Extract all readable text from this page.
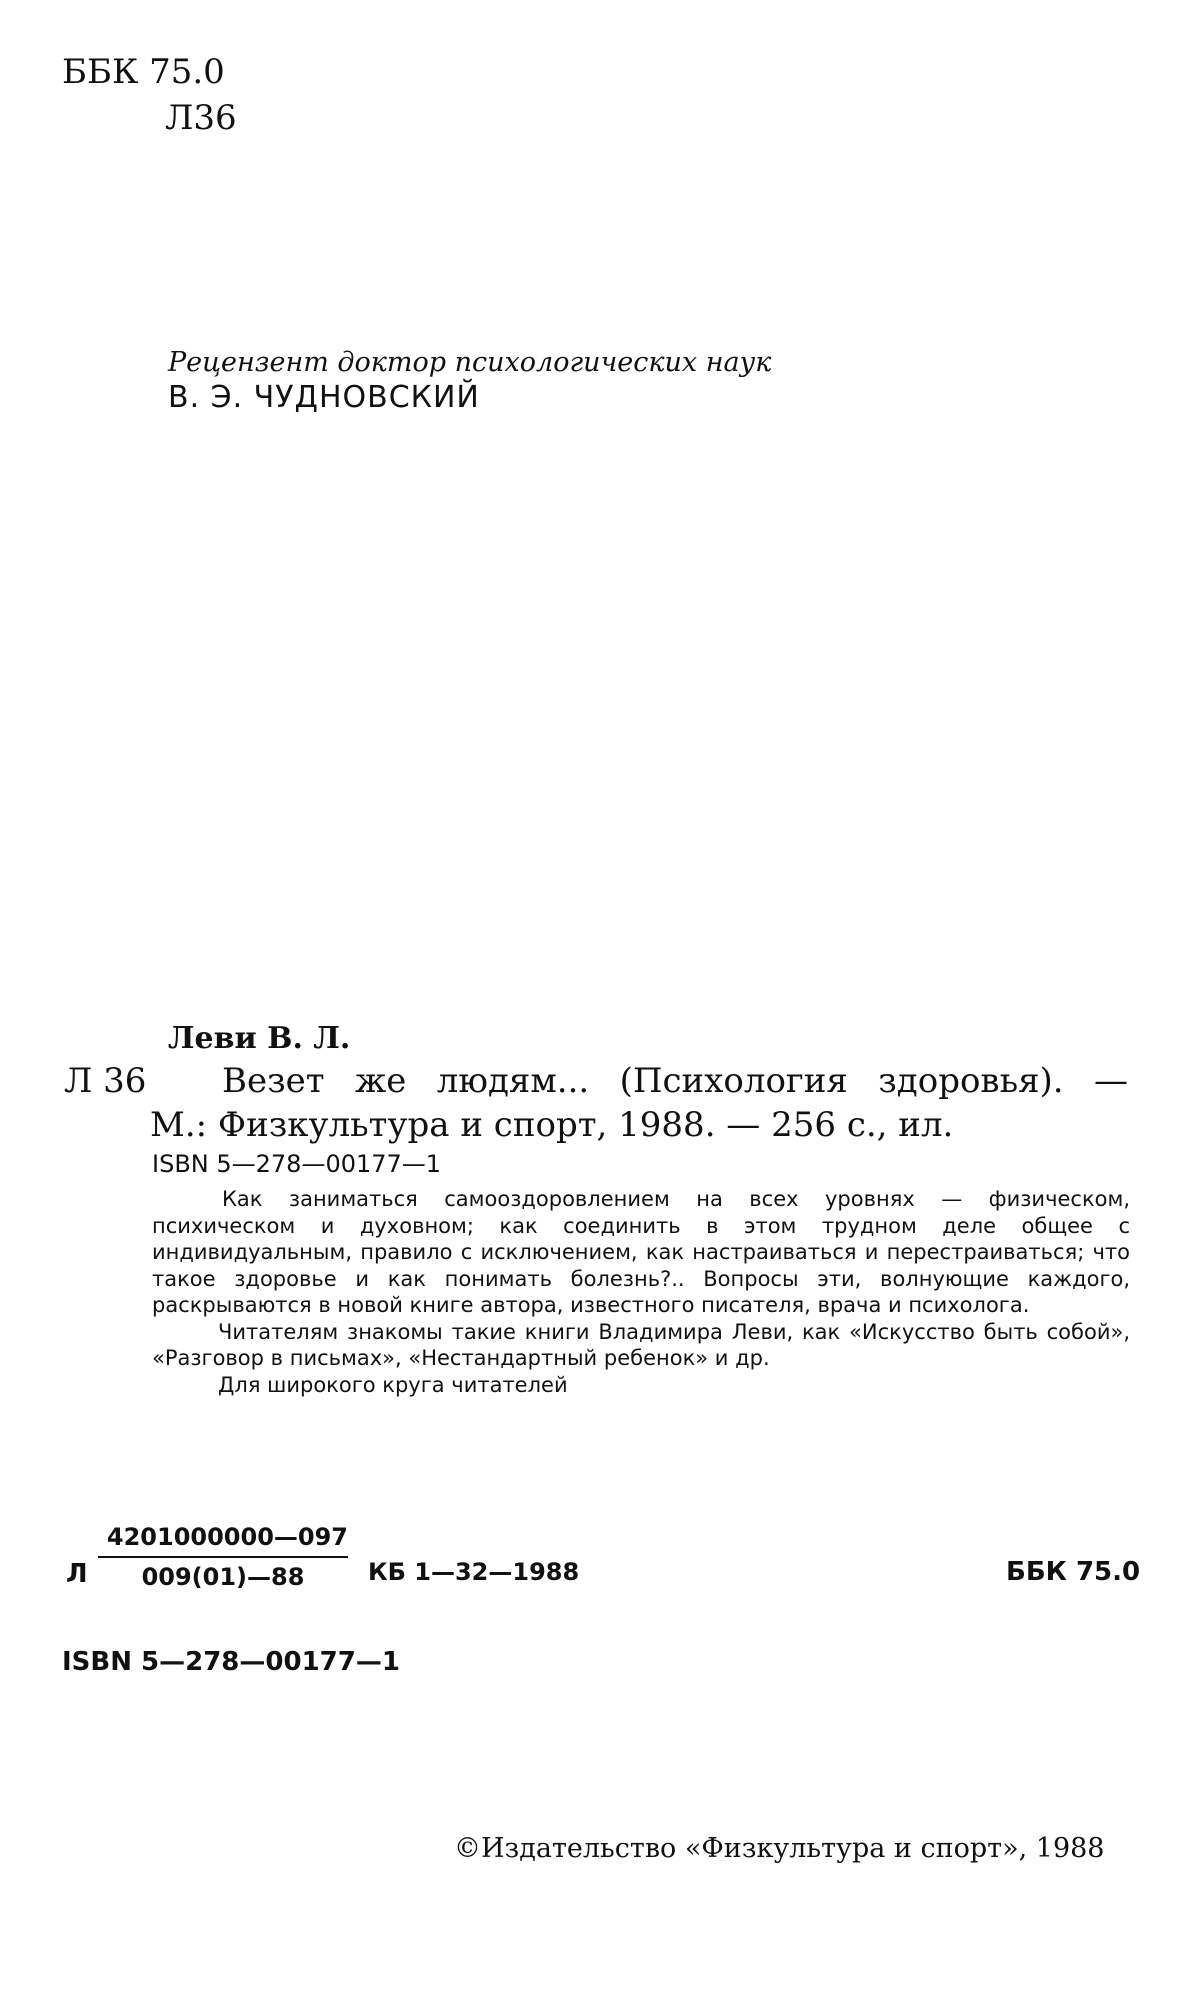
ББК 75.0
Л36
Рецензент доктор психологических наук
В. Э. ЧУДНОВСКИЙ
Леви В. Л.
Л 36 Везет же людям... (Психология здоровья). —
М.: Физкультура и спорт, 1988. — 256 с., ил.
ISBN 5—278—00177—1

Как заниматься самооздоровлением на всех уровнях — физическом, психическом и духовном; как соединить в этом трудном деле общее с индивидуальным, правило с исключением, как настраиваться и перестраиваться; что такое здоровье и как понимать болезнь?.. Вопросы эти, волнующие каждого, раскрываются в новой книге автора, известного писателя, врача и психолога.

Читателям знакомы такие книги Владимира Леви, как «Искусство быть собой», «Разговор в письмах», «Нестандартный ребенок» и др.

Для широкого круга читателей

Л
4201000000—097
009(01)—88	КБ 1—32—1988	ББК 75.0
ISBN 5—278—00177—1
©Издательство «Физкультура и спорт», 1988
